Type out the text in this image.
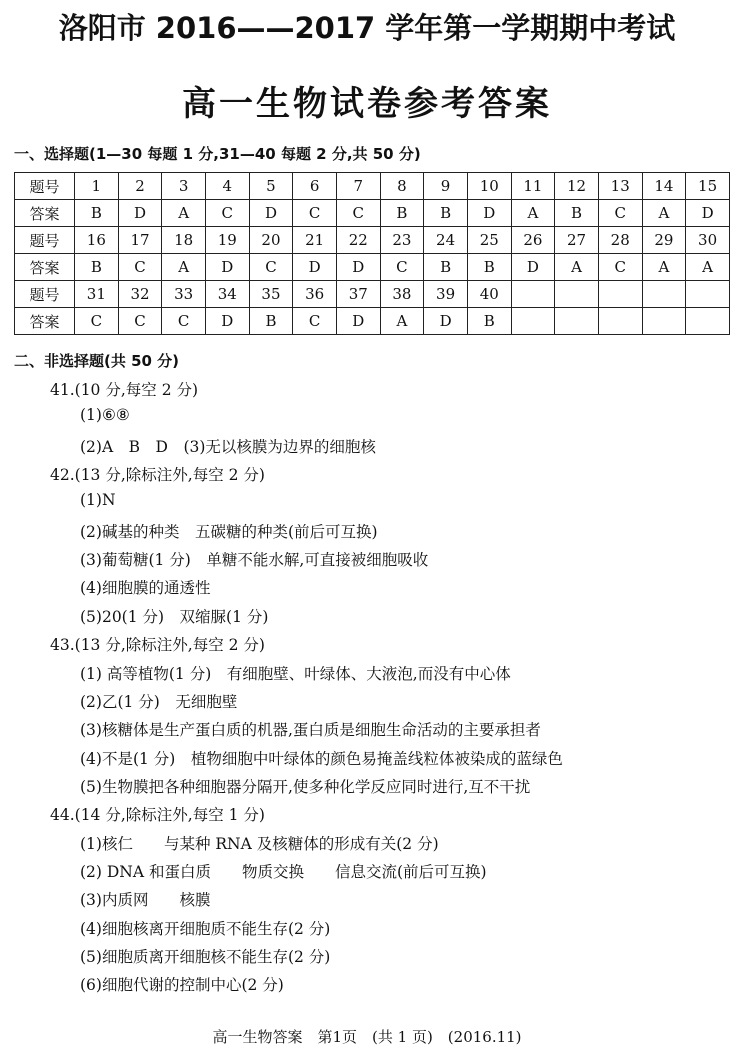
洛阳市 2016——2017 学年第一学期期中考试
高一生物试卷参考答案
一、选择题(1—30 每题 1 分,31—40 每题 2 分,共 50 分)
题号	1	2	3	4	5	6	7	8	9	10	11	12	13	14	15
答案	B	D	A	C	D	C	C	B	B	D	A	B	C	A	D
题号	16	17	18	19	20	21	22	23	24	25	26	27	28	29	30
答案	B	C	A	D	C	D	D	C	B	B	D	A	C	A	A
题号	31	32	33	34	35	36	37	38	39	40					
答案	C	C	C	D	B	C	D	A	D	B					
二、非选择题(共 50 分)
41.(10 分,每空 2 分)
(1)⑥⑧
(2)A　B　D　(3)无以核膜为边界的细胞核
42.(13 分,除标注外,每空 2 分)
(1)N
(2)碱基的种类　五碳糖的种类(前后可互换)
(3)葡萄糖(1 分)　单糖不能水解,可直接被细胞吸收
(4)细胞膜的通透性
(5)20(1 分)　双缩脲(1 分)
43.(13 分,除标注外,每空 2 分)
(1) 高等植物(1 分)　有细胞壁、叶绿体、大液泡,而没有中心体
(2)乙(1 分)　无细胞壁
(3)核糖体是生产蛋白质的机器,蛋白质是细胞生命活动的主要承担者
(4)不是(1 分)　植物细胞中叶绿体的颜色易掩盖线粒体被染成的蓝绿色
(5)生物膜把各种细胞器分隔开,使多种化学反应同时进行,互不干扰
44.(14 分,除标注外,每空 1 分)
(1)核仁　　与某种 RNA 及核糖体的形成有关(2 分)
(2) DNA 和蛋白质　　物质交换　　信息交流(前后可互换)
(3)内质网　　核膜
(4)细胞核离开细胞质不能生存(2 分)
(5)细胞质离开细胞核不能生存(2 分)
(6)细胞代谢的控制中心(2 分)
高一生物答案　第1页　(共 1 页)　(2016.11)
